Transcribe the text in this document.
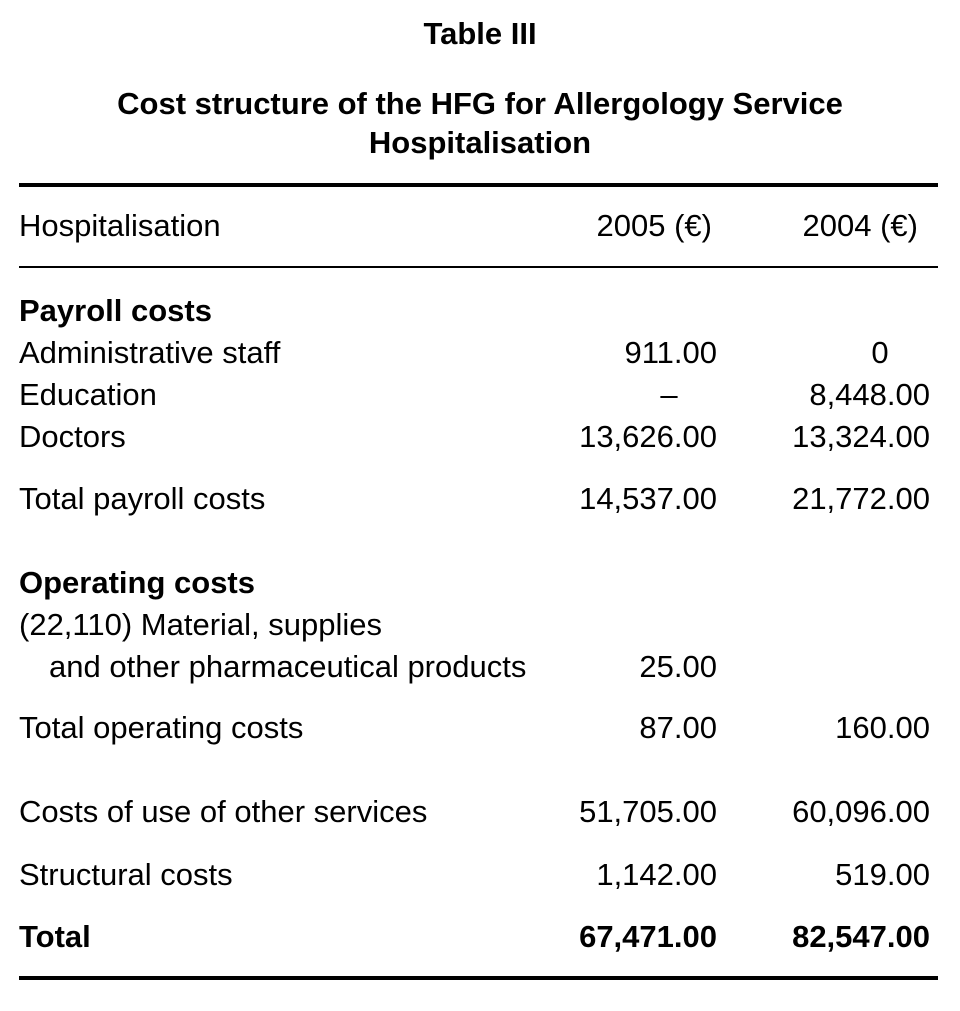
Table III
Cost structure of the HFG for Allergology Service
Hospitalisation
Hospitalisation	2005 (€)	2004 (€)
Payroll costs
Administrative staff	911.00	0
Education	–	8,448.00
Doctors	13,626.00 13,324.00
Total payroll costs	14,537.00 21,772.00
Operating costs
(22,110) Material, supplies
and other pharmaceutical products	25.00
Total operating costs	87.00	160.00
Costs of use of other services	51,705.00 60,096.00
Structural costs	1,142.00	519.00
Total	67,471.00 82,547.00
